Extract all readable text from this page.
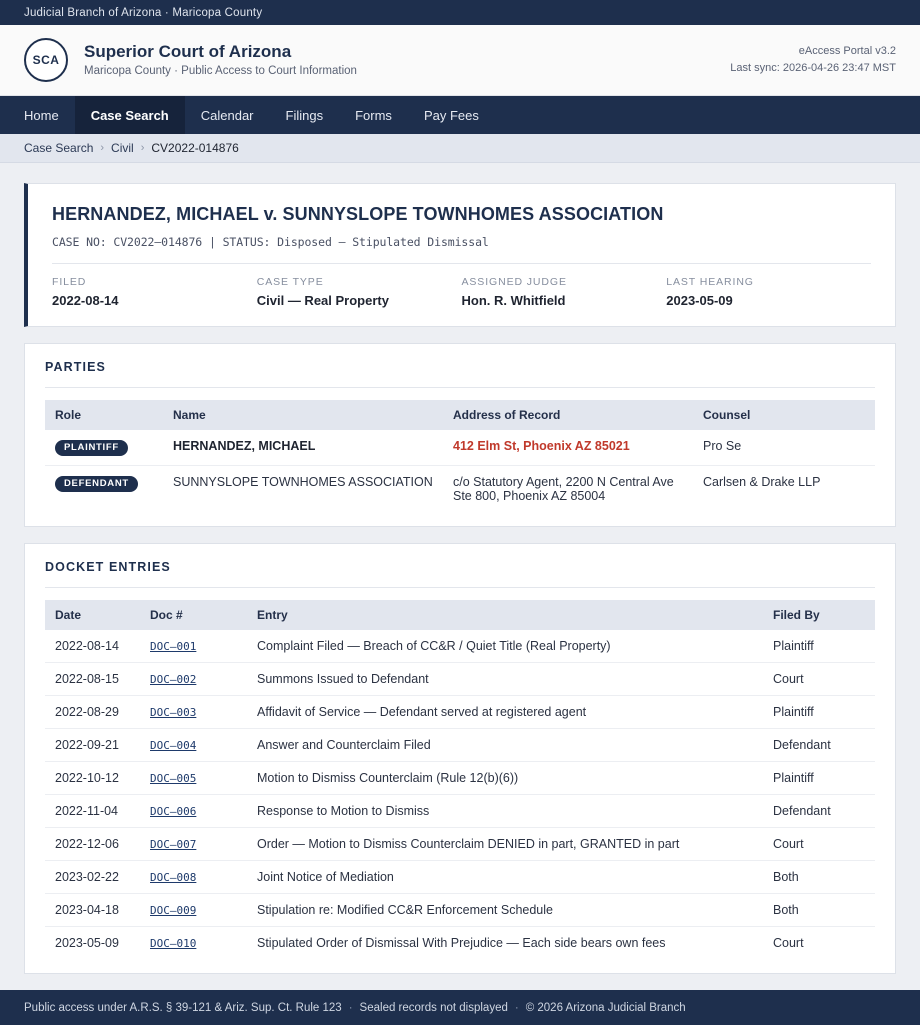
Judicial Branch of Arizona · Maricopa County
SCA Superior Court of Arizona
Maricopa County · Public Access to Court Information
eAccess Portal v3.2
Last sync: 2026-04-26 23:47 MST
Home	Case Search	Calendar	Filings	Forms	Pay Fees
Case Search › Civil › CV2022-014876
HERNANDEZ, MICHAEL v. SUNNYSLOPE TOWNHOMES ASSOCIATION
CASE NO: CV2022–014876 | STATUS: Disposed — Stipulated Dismissal
FILED
2022-08-14
CASE TYPE
Civil — Real Property
ASSIGNED JUDGE
Hon. R. Whitfield
LAST HEARING
2023-05-09
PARTIES
Role	Name	Address of Record	Counsel
PLAINTIFF	HERNANDEZ, MICHAEL	412 Elm St, Phoenix AZ 85021	Pro Se
DEFENDANT	SUNNYSLOPE TOWNHOMES ASSOCIATION	c/o Statutory Agent, 2200 N Central Ave Ste 800, Phoenix AZ 85004	Carlsen & Drake LLP
DOCKET ENTRIES
Date	Doc #	Entry	Filed By
2022-08-14	DOC–001	Complaint Filed — Breach of CC&R / Quiet Title (Real Property)	Plaintiff
2022-08-15	DOC–002	Summons Issued to Defendant	Court
2022-08-29	DOC–003	Affidavit of Service — Defendant served at registered agent	Plaintiff
2022-09-21	DOC–004	Answer and Counterclaim Filed	Defendant
2022-10-12	DOC–005	Motion to Dismiss Counterclaim (Rule 12(b)(6))	Plaintiff
2022-11-04	DOC–006	Response to Motion to Dismiss	Defendant
2022-12-06	DOC–007	Order — Motion to Dismiss Counterclaim DENIED in part, GRANTED in part	Court
2023-02-22	DOC–008	Joint Notice of Mediation	Both
2023-04-18	DOC–009	Stipulation re: Modified CC&R Enforcement Schedule	Both
2023-05-09	DOC–010	Stipulated Order of Dismissal With Prejudice — Each side bears own fees	Court
Public access under A.R.S. § 39-121 & Ariz. Sup. Ct. Rule 123 · Sealed records not displayed · © 2026 Arizona Judicial Branch
